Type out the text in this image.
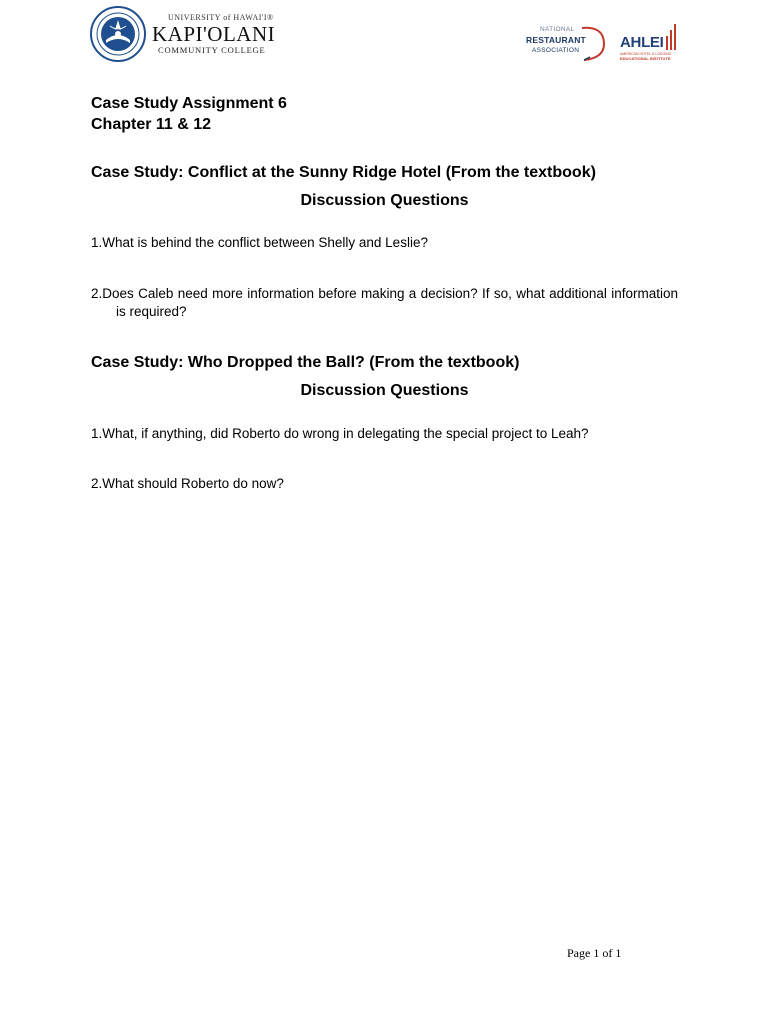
UNIVERSITY of HAWAI'I®
KAPI'OLANI
COMMUNITY COLLEGE
NATIONAL
RESTAURANT
ASSOCIATION	AHLEI
AMERICAN HOTEL & LODGING
EDUCATIONAL INSTITUTE
Case Study Assignment 6
Chapter 11 & 12
Case Study: Conflict at the Sunny Ridge Hotel (From the textbook)
Discussion Questions

1.What is behind the conflict between Shelly and Leslie?

2.Does Caleb need more information before making a decision? If so, what additional information is required?

Case Study: Who Dropped the Ball? (From the textbook)
Discussion Questions

1.What, if anything, did Roberto do wrong in delegating the special project to Leah?

2.What should Roberto do now?

Page 1 of 1
